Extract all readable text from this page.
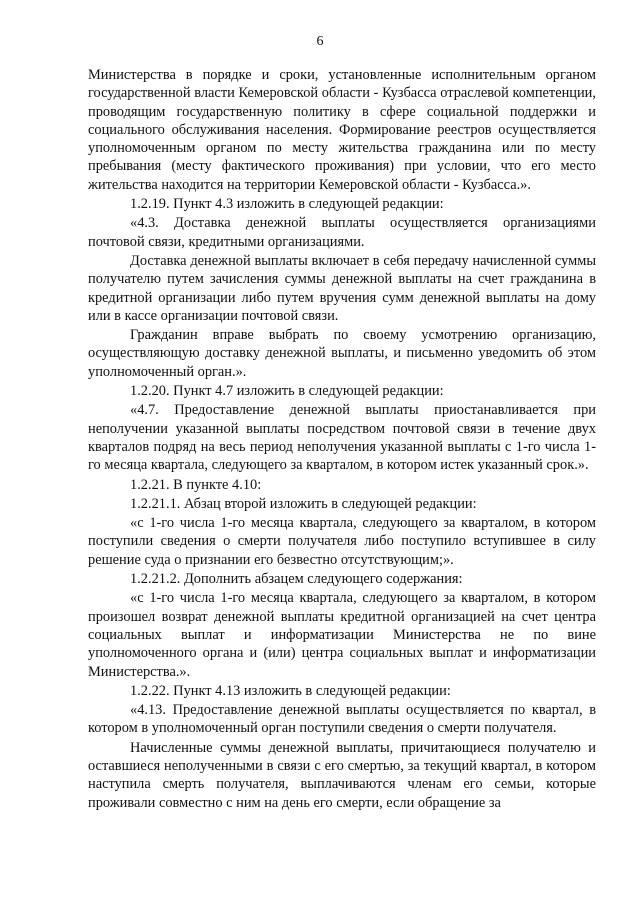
6

Министерства в порядке и сроки, установленные исполнительным органом государственной власти Кемеровской области - Кузбасса отраслевой компетенции, проводящим государственную политику в сфере социальной поддержки и социального обслуживания населения. Формирование реестров осуществляется уполномоченным органом по месту жительства гражданина или по месту пребывания (месту фактического проживания) при условии, что его место жительства находится на территории Кемеровской области - Кузбасса.».

1.2.19. Пункт 4.3 изложить в следующей редакции:

«4.3. Доставка денежной выплаты осуществляется организациями почтовой связи, кредитными организациями.

Доставка денежной выплаты включает в себя передачу начисленной суммы получателю путем зачисления суммы денежной выплаты на счет гражданина в кредитной организации либо путем вручения сумм денежной выплаты на дому или в кассе организации почтовой связи.

Гражданин вправе выбрать по своему усмотрению организацию, осуществляющую доставку денежной выплаты, и письменно уведомить об этом уполномоченный орган.».

1.2.20. Пункт 4.7 изложить в следующей редакции:

«4.7. Предоставление денежной выплаты приостанавливается при неполучении указанной выплаты посредством почтовой связи в течение двух кварталов подряд на весь период неполучения указанной выплаты с 1-го числа 1-го месяца квартала, следующего за кварталом, в котором истек указанный срок.».

1.2.21. В пункте 4.10:

1.2.21.1. Абзац второй изложить в следующей редакции:

«с 1-го числа 1-го месяца квартала, следующего за кварталом, в котором поступили сведения о смерти получателя либо поступило вступившее в силу решение суда о признании его безвестно отсутствующим;».

1.2.21.2. Дополнить абзацем следующего содержания:

«с 1-го числа 1-го месяца квартала, следующего за кварталом, в котором произошел возврат денежной выплаты кредитной организацией на счет центра социальных выплат и информатизации Министерства не по вине уполномоченного органа и (или) центра социальных выплат и информатизации Министерства.».

1.2.22. Пункт 4.13 изложить в следующей редакции:

«4.13. Предоставление денежной выплаты осуществляется по квартал, в котором в уполномоченный орган поступили сведения о смерти получателя.

Начисленные суммы денежной выплаты, причитающиеся получателю и оставшиеся неполученными в связи с его смертью, за текущий квартал, в котором наступила смерть получателя, выплачиваются членам его семьи, которые проживали совместно с ним на день его смерти, если обращение за
